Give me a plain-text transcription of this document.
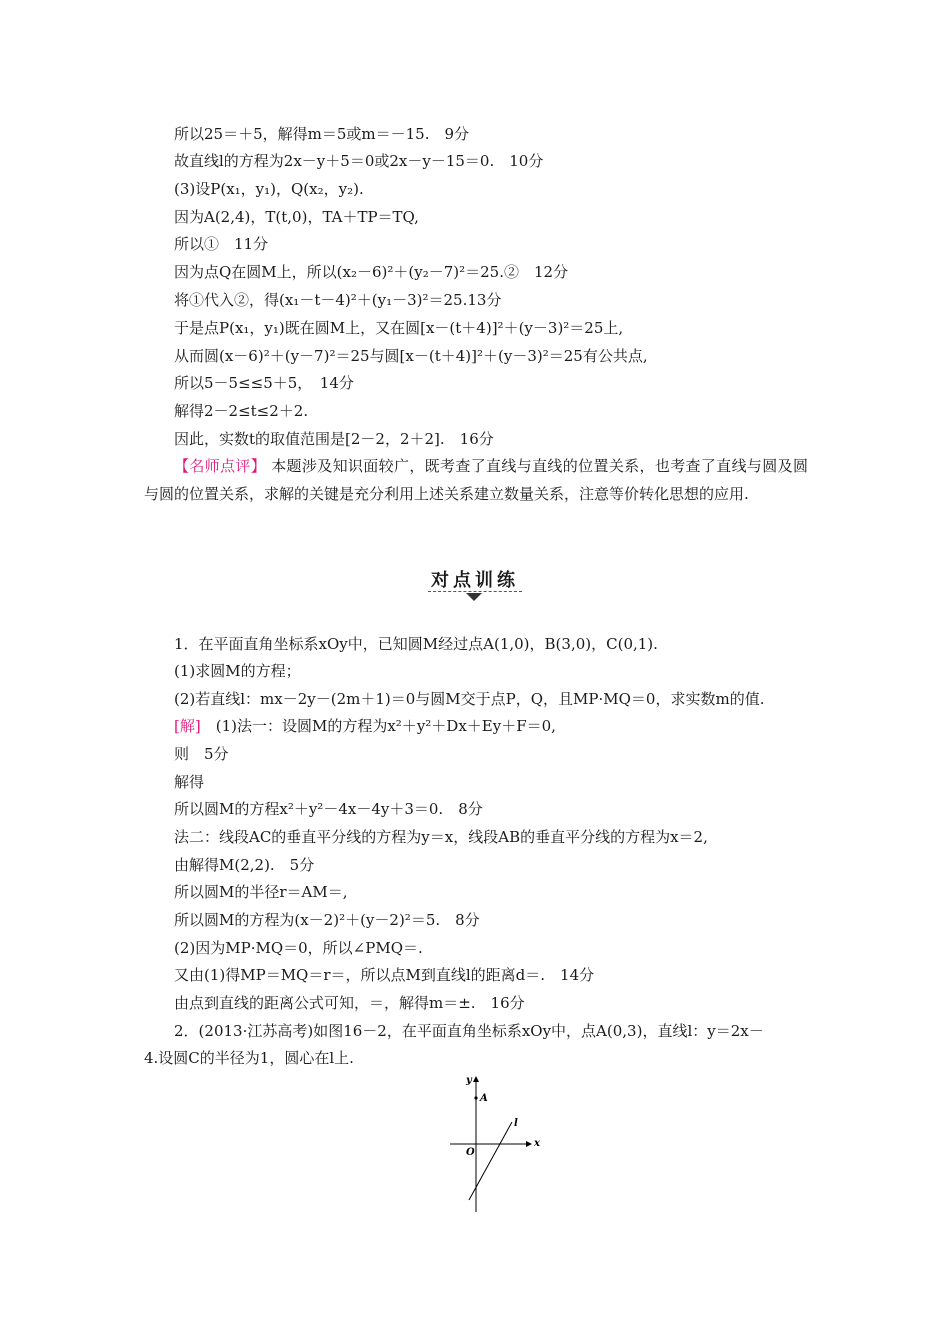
所以25＝＋5，解得m＝5或m＝－15.　9分
故直线l的方程为2x－y＋5＝0或2x－y－15＝0.　10分
(3)设P(x₁，y₁)，Q(x₂，y₂).
因为A(2,4)，T(t,0)，TA＋TP＝TQ,
所以①　11分
因为点Q在圆M上，所以(x₂－6)²＋(y₂－7)²＝25.②　12分
将①代入②，得(x₁－t－4)²＋(y₁－3)²＝25.13分
于是点P(x₁，y₁)既在圆M上，又在圆[x－(t＋4)]²＋(y－3)²＝25上,
从而圆(x－6)²＋(y－7)²＝25与圆[x－(t＋4)]²＋(y－3)²＝25有公共点,
所以5－5≤≤5＋5，　14分
解得2－2≤t≤2＋2.
因此，实数t的取值范围是[2－2，2＋2].　16分
【名师点评】 本题涉及知识面较广，既考查了直线与直线的位置关系，也考查了直线与圆及圆与圆的位置关系，求解的关键是充分利用上述关系建立数量关系，注意等价转化思想的应用.
对点训练
1．在平面直角坐标系xOy中，已知圆M经过点A(1,0)，B(3,0)，C(0,1).
(1)求圆M的方程；
(2)若直线l：mx－2y－(2m＋1)＝0与圆M交于点P，Q，且MP·MQ＝0，求实数m的值.
[解]　 (1)法一：设圆M的方程为x²＋y²＋Dx＋Ey＋F＝0,
则　5分
解得
所以圆M的方程x²＋y²－4x－4y＋3＝0.　8分
法二：线段AC的垂直平分线的方程为y＝x，线段AB的垂直平分线的方程为x＝2,
由解得M(2,2).　5分
所以圆M的半径r＝AM＝,
所以圆M的方程为(x－2)²＋(y－2)²＝5.　8分
(2)因为MP·MQ＝0，所以∠PMQ＝.
又由(1)得MP＝MQ＝r＝，所以点M到直线l的距离d＝.　14分
由点到直线的距离公式可知，＝，解得m＝±.　16分
2．(2013·江苏高考)如图16－2，在平面直角坐标系xOy中，点A(0,3)，直线l：y＝2x－
4.设圆C的半径为1，圆心在l上.
y
x
O
A
l
